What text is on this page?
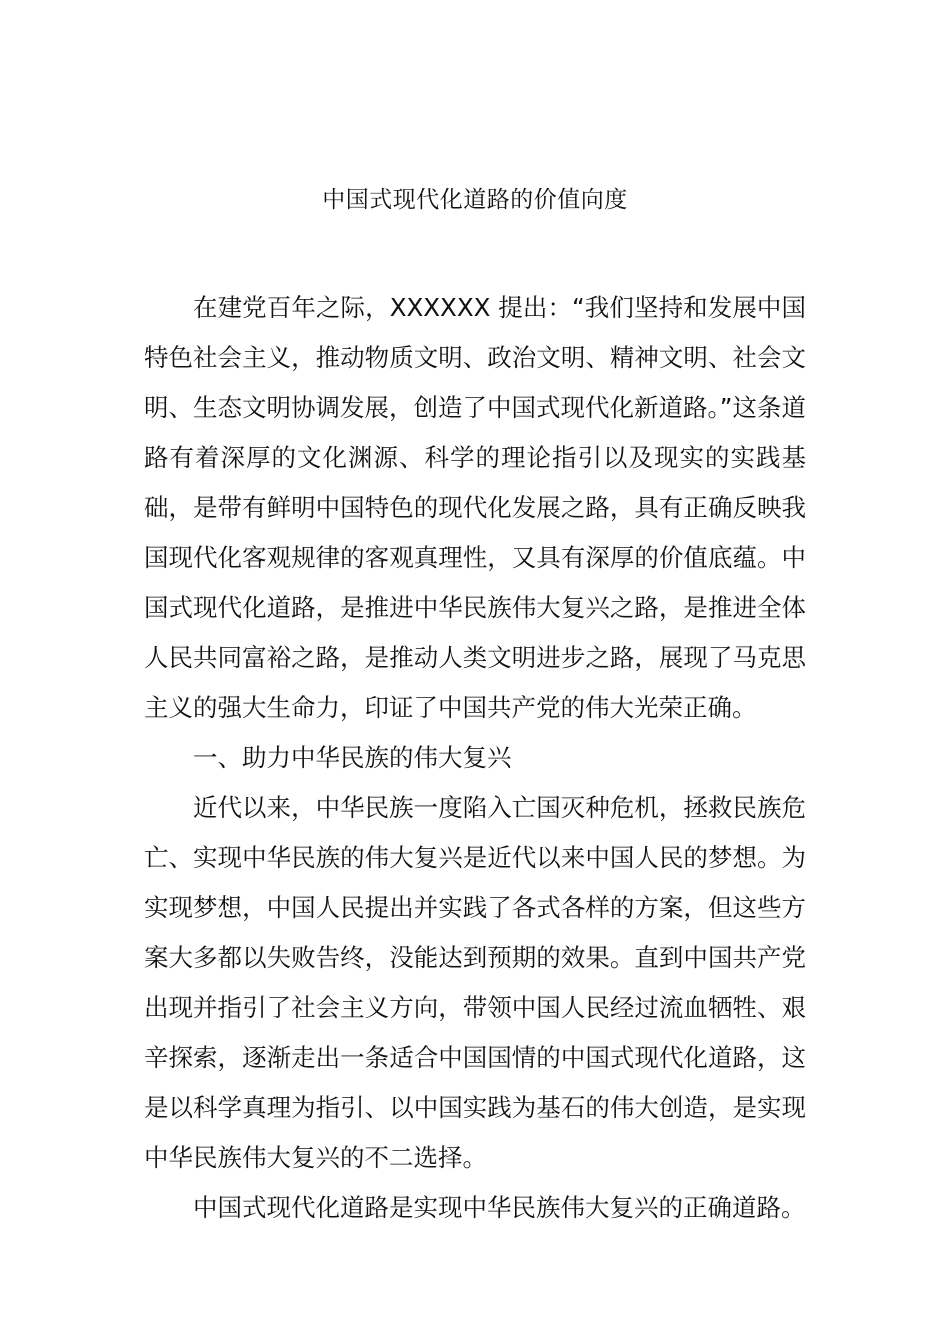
中国式现代化道路的价值向度

在建党百年之际，XXXXXX 提出：“我们坚持和发展中国特色社会主义，推动物质文明、政治文明、精神文明、社会文明、生态文明协调发展，创造了中国式现代化新道路。”这条道路有着深厚的文化渊源、科学的理论指引以及现实的实践基础，是带有鲜明中国特色的现代化发展之路，具有正确反映我国现代化客观规律的客观真理性，又具有深厚的价值底蕴。中国式现代化道路，是推进中华民族伟大复兴之路，是推进全体人民共同富裕之路，是推动人类文明进步之路，展现了马克思主义的强大生命力，印证了中国共产党的伟大光荣正确。

一、助力中华民族的伟大复兴

近代以来，中华民族一度陷入亡国灭种危机，拯救民族危亡、实现中华民族的伟大复兴是近代以来中国人民的梦想。为实现梦想，中国人民提出并实践了各式各样的方案，但这些方案大多都以失败告终，没能达到预期的效果。直到中国共产党出现并指引了社会主义方向，带领中国人民经过流血牺牲、艰辛探索，逐渐走出一条适合中国国情的中国式现代化道路，这是以科学真理为指引、以中国实践为基石的伟大创造，是实现中华民族伟大复兴的不二选择。

中国式现代化道路是实现中华民族伟大复兴的正确道路。
